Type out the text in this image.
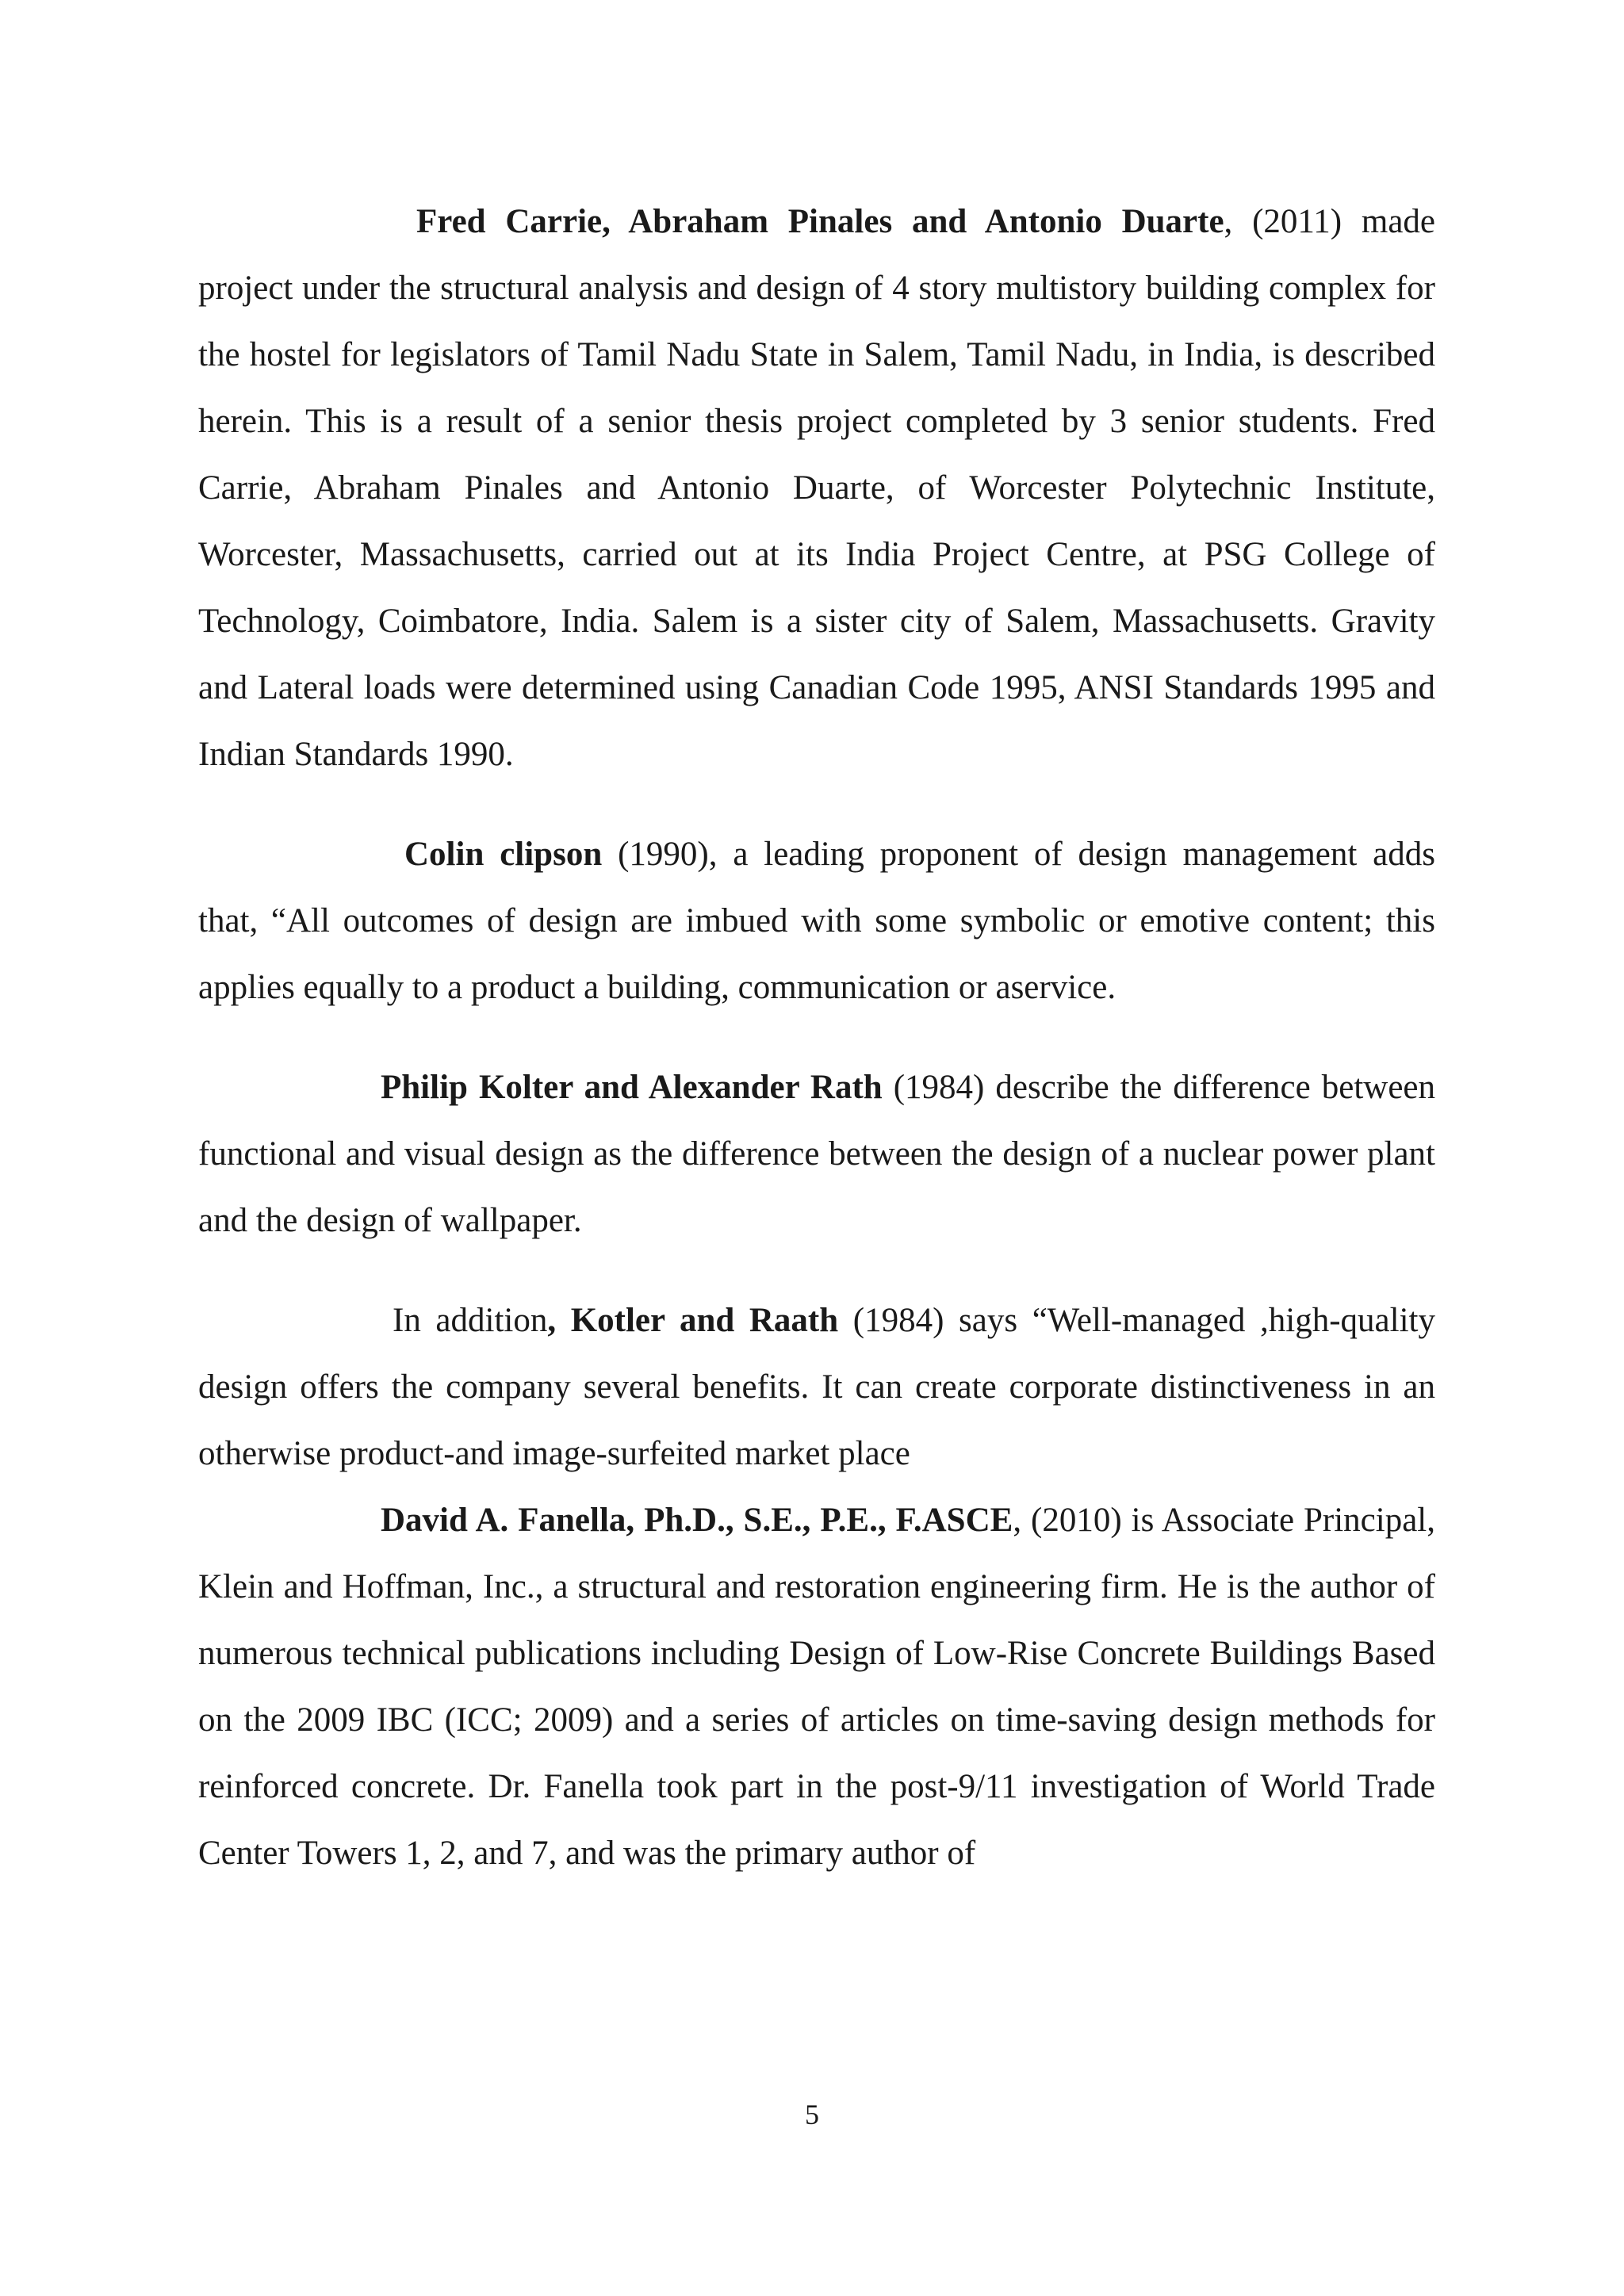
Fred Carrie, Abraham Pinales and Antonio Duarte, (2011) made project under the structural analysis and design of 4 story multistory building complex for the hostel for legislators of Tamil Nadu State in Salem, Tamil Nadu, in India, is described herein. This is a result of a senior thesis project completed by 3 senior students. Fred Carrie, Abraham Pinales and Antonio Duarte, of Worcester Polytechnic Institute, Worcester, Massachusetts, carried out at its India Project Centre, at PSG College of Technology, Coimbatore, India. Salem is a sister city of Salem, Massachusetts. Gravity and Lateral loads were determined using Canadian Code 1995, ANSI Standards 1995 and Indian Standards 1990.

Colin clipson (1990), a leading proponent of design management adds that, “All outcomes of design are imbued with some symbolic or emotive content; this applies equally to a product a building, communication or aservice.

Philip Kolter and Alexander Rath (1984) describe the difference between functional and visual design as the difference between the design of a nuclear power plant and the design of wallpaper.

In addition, Kotler and Raath (1984) says “Well-managed ,high-quality design offers the company several benefits. It can create corporate distinctiveness in an otherwise product-and image-surfeited market place

David A. Fanella, Ph.D., S.E., P.E., F.ASCE, (2010) is Associate Principal, Klein and Hoffman, Inc., a structural and restoration engineering firm. He is the author of numerous technical publications including Design of Low-Rise Concrete Buildings Based on the 2009 IBC (ICC; 2009) and a series of articles on time-saving design methods for reinforced concrete. Dr. Fanella took part in the post-9/11 investigation of World Trade Center Towers 1, 2, and 7, and was the primary author of

5
